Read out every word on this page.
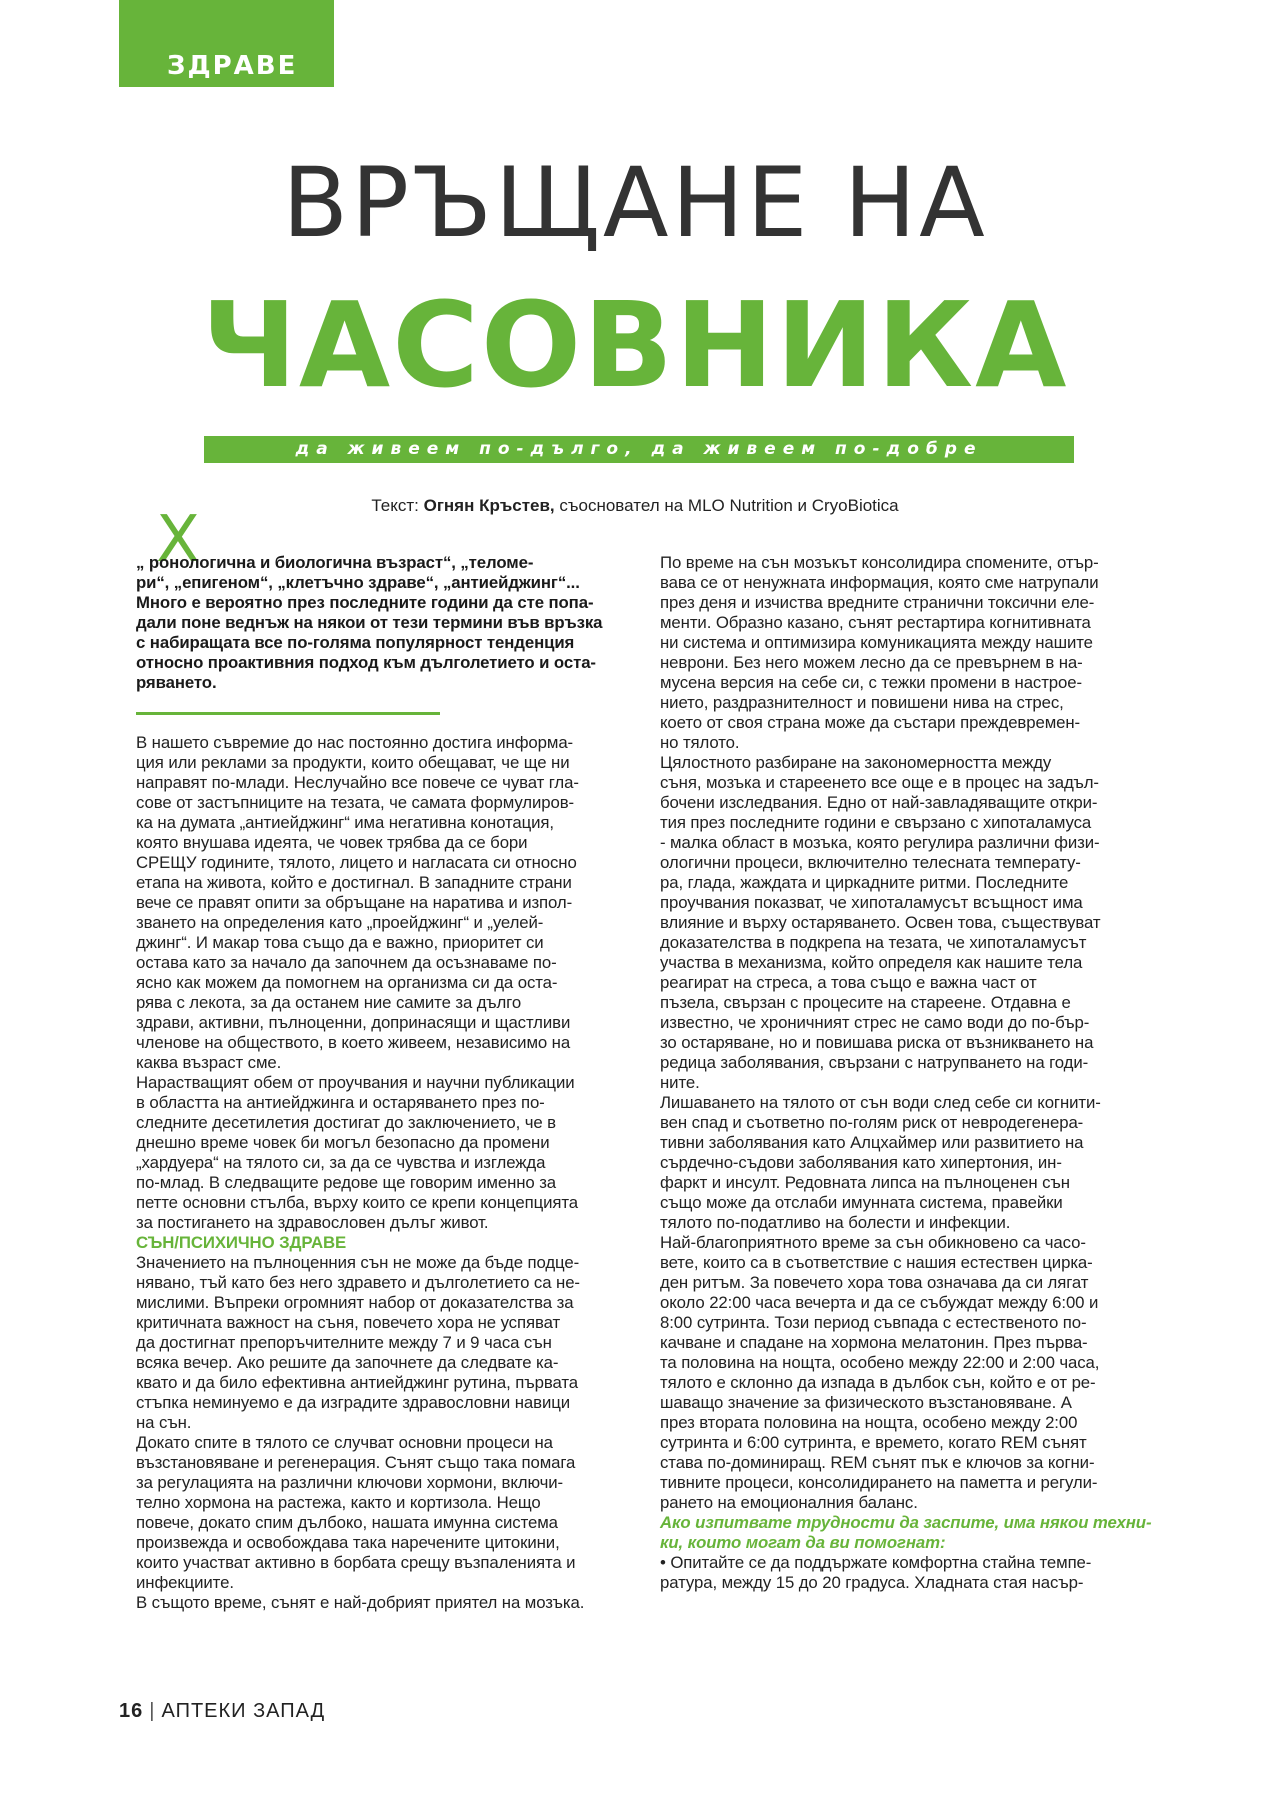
ЗДРАВЕ
ВРЪЩАНЕ НА
ЧАСОВНИКА
да живеем по-дълго, да живеем по-добре
Текст: Огнян Кръстев, съосновател на MLO Nutrition и CryoBiotica
Х
„ ронологична и биологична възраст“, „теломе-
ри“, „епигеном“, „клетъчно здраве“, „антиейджинг“...
Много е вероятно през последните години да сте попа-
дали поне веднъж на някои от тези термини във връзка
с набиращата все по-голяма популярност тенденция
относно проактивния подход към дълголетието и оста-
ряването.
В нашето съвремие до нас постоянно достига информа-
ция или реклами за продукти, които обещават, че ще ни
направят по-млади. Неслучайно все повече се чуват гла-
сове от застъпниците на тезата, че самата формулиров-
ка на думата „антиейджинг“ има негативна конотация,
която внушава идеята, че човек трябва да се бори
СРЕЩУ годините, тялото, лицето и нагласата си относно
етапа на живота, който е достигнал. В западните страни
вече се правят опити за обръщане на наратива и изпол-
зването на определения като „проейджинг“ и „уелей-
джинг“. И макар това също да е важно, приоритет си
остава като за начало да започнем да осъзнаваме по-
ясно как можем да помогнем на организма си да оста-
рява с лекота, за да останем ние самите за дълго
здрави, активни, пълноценни, допринасящи и щастливи
членове на обществото, в което живеем, независимо на
каква възраст сме.
Нарастващият обем от проучвания и научни публикации
в областта на антиейджинга и остаряването през по-
следните десетилетия достигат до заключението, че в
днешно време човек би могъл безопасно да промени
„хардуера“ на тялото си, за да се чувства и изглежда
по-млад. В следващите редове ще говорим именно за
петте основни стълба, върху които се крепи концепцията
за постигането на здравословен дълъг живот.
СЪН/ПСИХИЧНО ЗДРАВЕ
Значението на пълноценния сън не може да бъде подце-
нявано, тъй като без него здравето и дълголетието са не-
мислими. Въпреки огромният набор от доказателства за
критичната важност на съня, повечето хора не успяват
да достигнат препоръчителните между 7 и 9 часа сън
всяка вечер. Ако решите да започнете да следвате ка-
квато и да било ефективна антиейджинг рутина, първата
стъпка неминуемо е да изградите здравословни навици
на сън.
Докато спите в тялото се случват основни процеси на
възстановяване и регенерация. Сънят също така помага
за регулацията на различни ключови хормони, включи-
телно хормона на растежа, както и кортизола. Нещо
повече, докато спим дълбоко, нашата имунна система
произвежда и освобождава така наречените цитокини,
които участват активно в борбата срещу възпаленията и
инфекциите.
В същото време, сънят е най-добрият приятел на мозъка.
По време на сън мозъкът консолидира спомените, отър-
вава се от ненужната информация, която сме натрупали
през деня и изчиства вредните странични токсични еле-
менти. Образно казано, сънят рестартира когнитивната
ни система и оптимизира комуникацията между нашите
неврони. Без него можем лесно да се превърнем в на-
мусена версия на себе си, с тежки промени в настрое-
нието, раздразнителност и повишени нива на стрес,
което от своя страна може да състари преждевремен-
но тялото.
Цялостното разбиране на закономерността между
съня, мозъка и стареенето все още е в процес на задъл-
бочени изследвания. Едно от най-завладяващите откри-
тия през последните години е свързано с хипоталамуса
- малка област в мозъка, която регулира различни физи-
ологични процеси, включително телесната температу-
ра, глада, жаждата и циркадните ритми. Последните
проучвания показват, че хипоталамусът всъщност има
влияние и върху остаряването. Освен това, съществуват
доказателства в подкрепа на тезата, че хипоталамусът
участва в механизма, който определя как нашите тела
реагират на стреса, а това също е важна част от
пъзела, свързан с процесите на стареене. Отдавна е
известно, че хроничният стрес не само води до по-бър-
зо остаряване, но и повишава риска от възникването на
редица заболявания, свързани с натрупването на годи-
ните.
Лишаването на тялото от сън води след себе си когнити-
вен спад и съответно по-голям риск от невродегенера-
тивни заболявания като Алцхаймер или развитието на
сърдечно-съдови заболявания като хипертония, ин-
фаркт и инсулт. Редовната липса на пълноценен сън
също може да отслаби имунната система, правейки
тялото по-податливо на болести и инфекции.
Най-благоприятното време за сън обикновено са часо-
вете, които са в съответствие с нашия естествен цирка-
ден ритъм. За повечето хора това означава да си лягат
около 22:00 часа вечерта и да се събуждат между 6:00 и
8:00 сутринта. Този период съвпада с естественото по-
качване и спадане на хормона мелатонин. През първа-
та половина на нощта, особено между 22:00 и 2:00 часа,
тялото е склонно да изпада в дълбок сън, който е от ре-
шаващо значение за физическото възстановяване. А
през втората половина на нощта, особено между 2:00
сутринта и 6:00 сутринта, е времето, когато REM сънят
става по-доминиращ. REM сънят пък е ключов за когни-
тивните процеси, консолидирането на паметта и регули-
рането на емоционалния баланс.
Ако изпитвате трудности да заспите, има някои техни-
ки, които могат да ви помогнат:
• Опитайте се да поддържате комфортна стайна темпе-
ратура, между 15 до 20 градуса. Хладната стая насър-
16 | АПТЕКИ ЗАПАД
